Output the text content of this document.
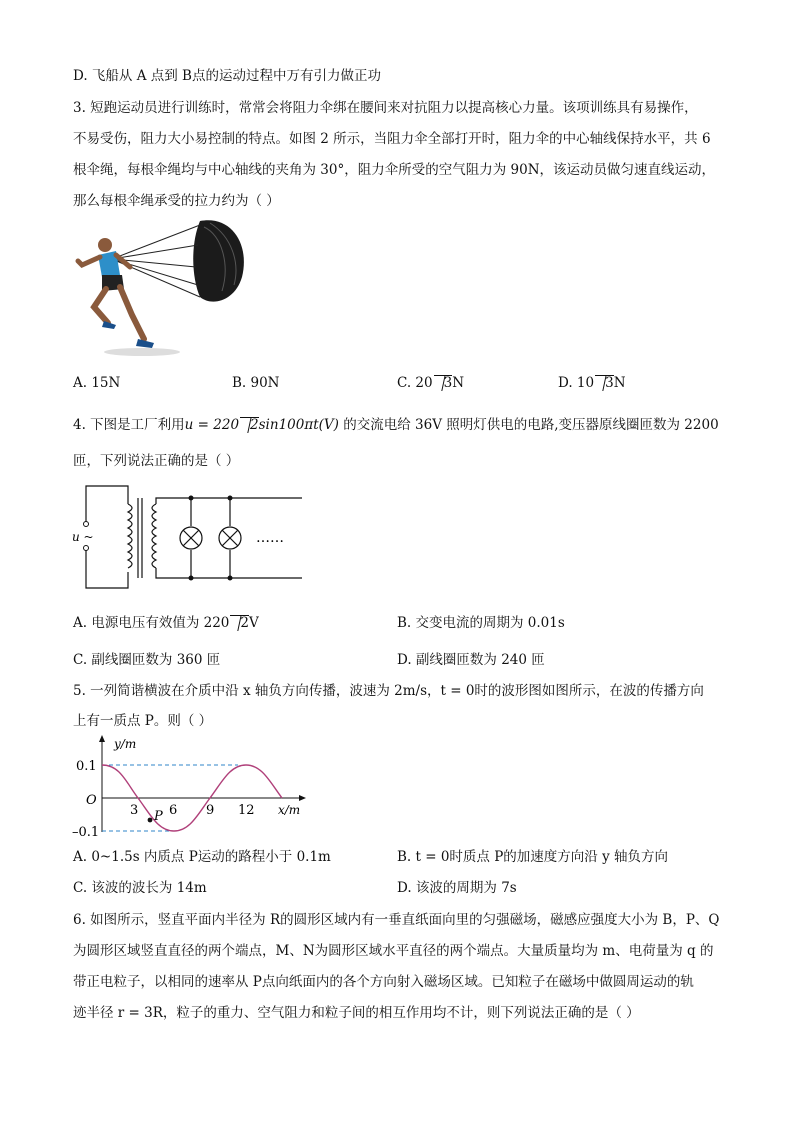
D. 飞船从 A 点到 B点的运动过程中万有引力做正功
3. 短跑运动员进行训练时，常常会将阻力伞绑在腰间来对抗阻力以提高核心力量。该项训练具有易操作，
不易受伤，阻力大小易控制的特点。如图 2 所示，当阻力伞全部打开时，阻力伞的中心轴线保持水平，共 6
根伞绳，每根伞绳均与中心轴线的夹角为 30°，阻力伞所受的空气阻力为 90N，该运动员做匀速直线运动，
那么每根伞绳承受的拉力约为（ ）
A. 15N	B. 90N	C. 20 3N	D. 10 3N
4. 下图是工厂利用u = 220 2sin100πt(V) 的交流电给 36V 照明灯供电的电路,变压器原线圈匝数为 2200
匝，下列说法正确的是（ ）
u ~	……
A. 电源电压有效值为 220 2V	B. 交变电流的周期为 0.01s
C. 副线圈匝数为 360 匝	D. 副线圈匝数为 240 匝
5. 一列简谐横波在介质中沿 x 轴负方向传播，波速为 2m/s，t = 0时的波形图如图所示，在波的传播方向
上有一质点 P。则（ ）
P
y/m
x/m
O
0.1
–0.1
3 6 9 12
A. 0~1.5s 内质点 P运动的路程小于 0.1m	B. t = 0时质点 P的加速度方向沿 y 轴负方向
C. 该波的波长为 14m	D. 该波的周期为 7s
6. 如图所示，竖直平面内半径为 R的圆形区域内有一垂直纸面向里的匀强磁场，磁感应强度大小为 B，P、Q
为圆形区域竖直直径的两个端点，M、N为圆形区域水平直径的两个端点。大量质量均为 m、电荷量为 q 的
带正电粒子，以相同的速率从 P点向纸面内的各个方向射入磁场区域。已知粒子在磁场中做圆周运动的轨
迹半径 r = 3R，粒子的重力、空气阻力和粒子间的相互作用均不计，则下列说法正确的是（ ）
